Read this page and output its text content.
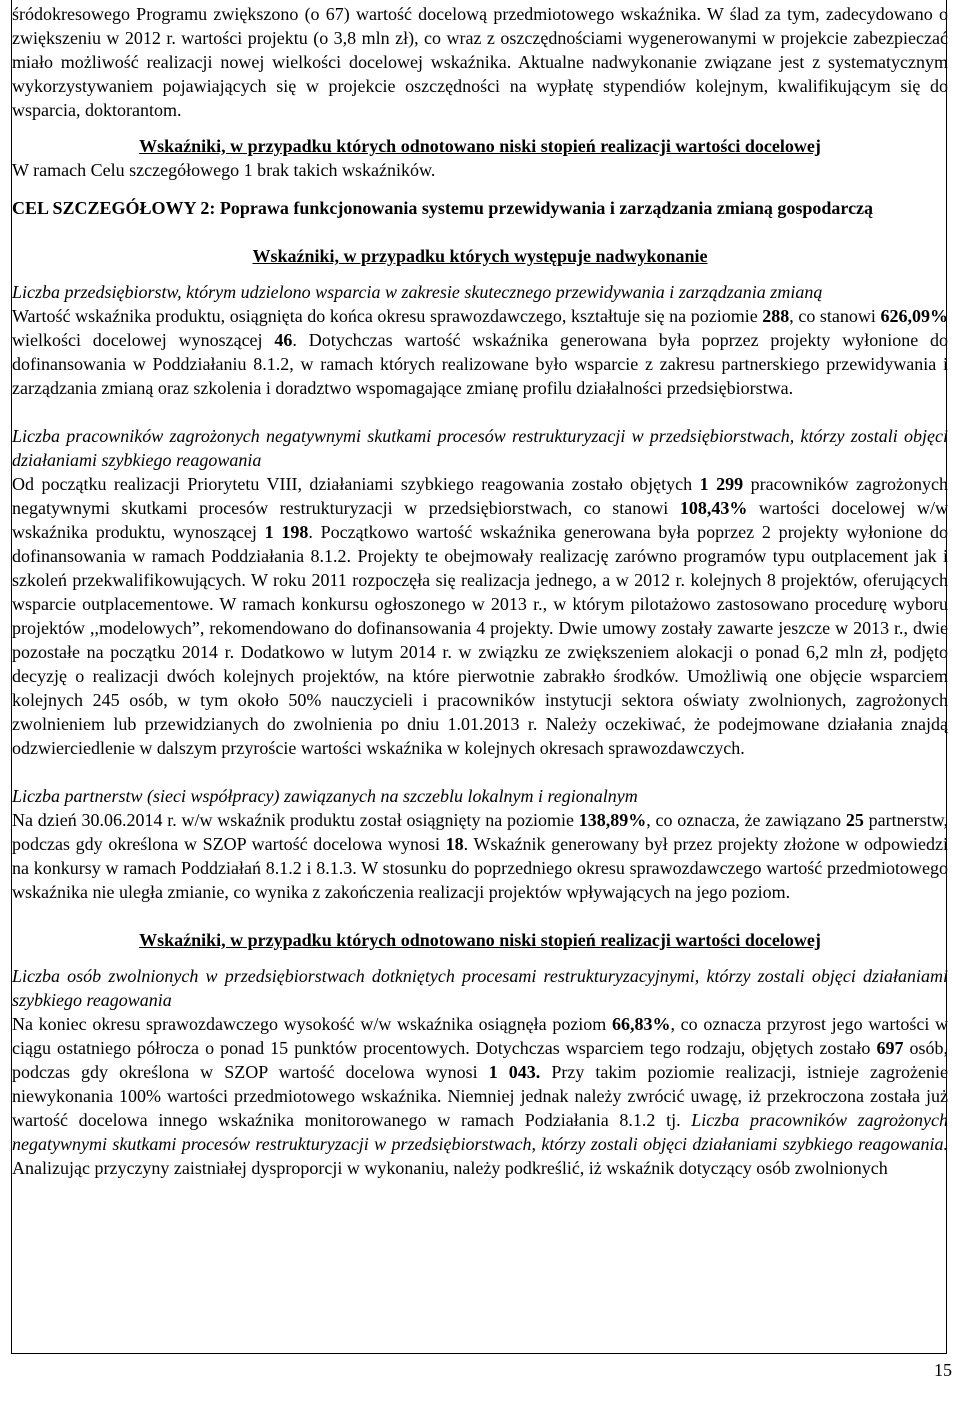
śródokresowego Programu zwiększono (o 67) wartość docelową przedmiotowego wskaźnika. W ślad za tym, zadecydowano o zwiększeniu w 2012 r. wartości projektu (o 3,8 mln zł), co wraz z oszczędnościami wygenerowanymi w projekcie zabezpieczać miało możliwość realizacji nowej wielkości docelowej wskaźnika. Aktualne nadwykonanie związane jest z systematycznym wykorzystywaniem pojawiających się w projekcie oszczędności na wypłatę stypendiów kolejnym, kwalifikującym się do wsparcia, doktorantom.

Wskaźniki, w przypadku których odnotowano niski stopień realizacji wartości docelowej

W ramach Celu szczegółowego 1 brak takich wskaźników.

CEL SZCZEGÓŁOWY 2: Poprawa funkcjonowania systemu przewidywania i zarządzania zmianą gospodarczą

Wskaźniki, w przypadku których występuje nadwykonanie

Liczba przedsiębiorstw, którym udzielono wsparcia w zakresie skutecznego przewidywania i zarządzania zmianą

Wartość wskaźnika produktu, osiągnięta do końca okresu sprawozdawczego, kształtuje się na poziomie 288, co stanowi 626,09% wielkości docelowej wynoszącej 46. Dotychczas wartość wskaźnika generowana była poprzez projekty wyłonione do dofinansowania w Poddziałaniu 8.1.2, w ramach których realizowane było wsparcie z zakresu partnerskiego przewidywania i zarządzania zmianą oraz szkolenia i doradztwo wspomagające zmianę profilu działalności przedsiębiorstwa.

Liczba pracowników zagrożonych negatywnymi skutkami procesów restrukturyzacji w przedsiębiorstwach, którzy zostali objęci działaniami szybkiego reagowania

Od początku realizacji Priorytetu VIII, działaniami szybkiego reagowania zostało objętych 1 299 pracowników zagrożonych negatywnymi skutkami procesów restrukturyzacji w przedsiębiorstwach, co stanowi 108,43% wartości docelowej w/w wskaźnika produktu, wynoszącej 1 198. Początkowo wartość wskaźnika generowana była poprzez 2 projekty wyłonione do dofinansowania w ramach Poddziałania 8.1.2. Projekty te obejmowały realizację zarówno programów typu outplacement jak i szkoleń przekwalifikowujących. W roku 2011 rozpoczęła się realizacja jednego, a w 2012 r. kolejnych 8 projektów, oferujących wsparcie outplacementowe. W ramach konkursu ogłoszonego w 2013 r., w którym pilotażowo zastosowano procedurę wyboru projektów ,,modelowych”, rekomendowano do dofinansowania 4 projekty. Dwie umowy zostały zawarte jeszcze w 2013 r., dwie pozostałe na początku 2014 r. Dodatkowo w lutym 2014 r. w związku ze zwiększeniem alokacji o ponad 6,2 mln zł, podjęto decyzję o realizacji dwóch kolejnych projektów, na które pierwotnie zabrakło środków. Umożliwią one objęcie wsparciem kolejnych 245 osób, w tym około 50% nauczycieli i pracowników instytucji sektora oświaty zwolnionych, zagrożonych zwolnieniem lub przewidzianych do zwolnienia po dniu 1.01.2013 r. Należy oczekiwać, że podejmowane działania znajdą odzwierciedlenie w dalszym przyroście wartości wskaźnika w kolejnych okresach sprawozdawczych.

Liczba partnerstw (sieci współpracy) zawiązanych na szczeblu lokalnym i regionalnym

Na dzień 30.06.2014 r. w/w wskaźnik produktu został osiągnięty na poziomie 138,89%, co oznacza, że zawiązano 25 partnerstw, podczas gdy określona w SZOP wartość docelowa wynosi 18. Wskaźnik generowany był przez projekty złożone w odpowiedzi na konkursy w ramach Poddziałań 8.1.2 i 8.1.3. W stosunku do poprzedniego okresu sprawozdawczego wartość przedmiotowego wskaźnika nie uległa zmianie, co wynika z zakończenia realizacji projektów wpływających na jego poziom.

Wskaźniki, w przypadku których odnotowano niski stopień realizacji wartości docelowej

Liczba osób zwolnionych w przedsiębiorstwach dotkniętych procesami restrukturyzacyjnymi, którzy zostali objęci działaniami szybkiego reagowania

Na koniec okresu sprawozdawczego wysokość w/w wskaźnika osiągnęła poziom 66,83%, co oznacza przyrost jego wartości w ciągu ostatniego półrocza o ponad 15 punktów procentowych. Dotychczas wsparciem tego rodzaju, objętych zostało 697 osób, podczas gdy określona w SZOP wartość docelowa wynosi 1 043. Przy takim poziomie realizacji, istnieje zagrożenie niewykonania 100% wartości przedmiotowego wskaźnika. Niemniej jednak należy zwrócić uwagę, iż przekroczona została już wartość docelowa innego wskaźnika monitorowanego w ramach Podziałania 8.1.2 tj. Liczba pracowników zagrożonych negatywnymi skutkami procesów restrukturyzacji w przedsiębiorstwach, którzy zostali objęci działaniami szybkiego reagowania. Analizując przyczyny zaistniałej dysproporcji w wykonaniu, należy podkreślić, iż wskaźnik dotyczący osób zwolnionych

15
